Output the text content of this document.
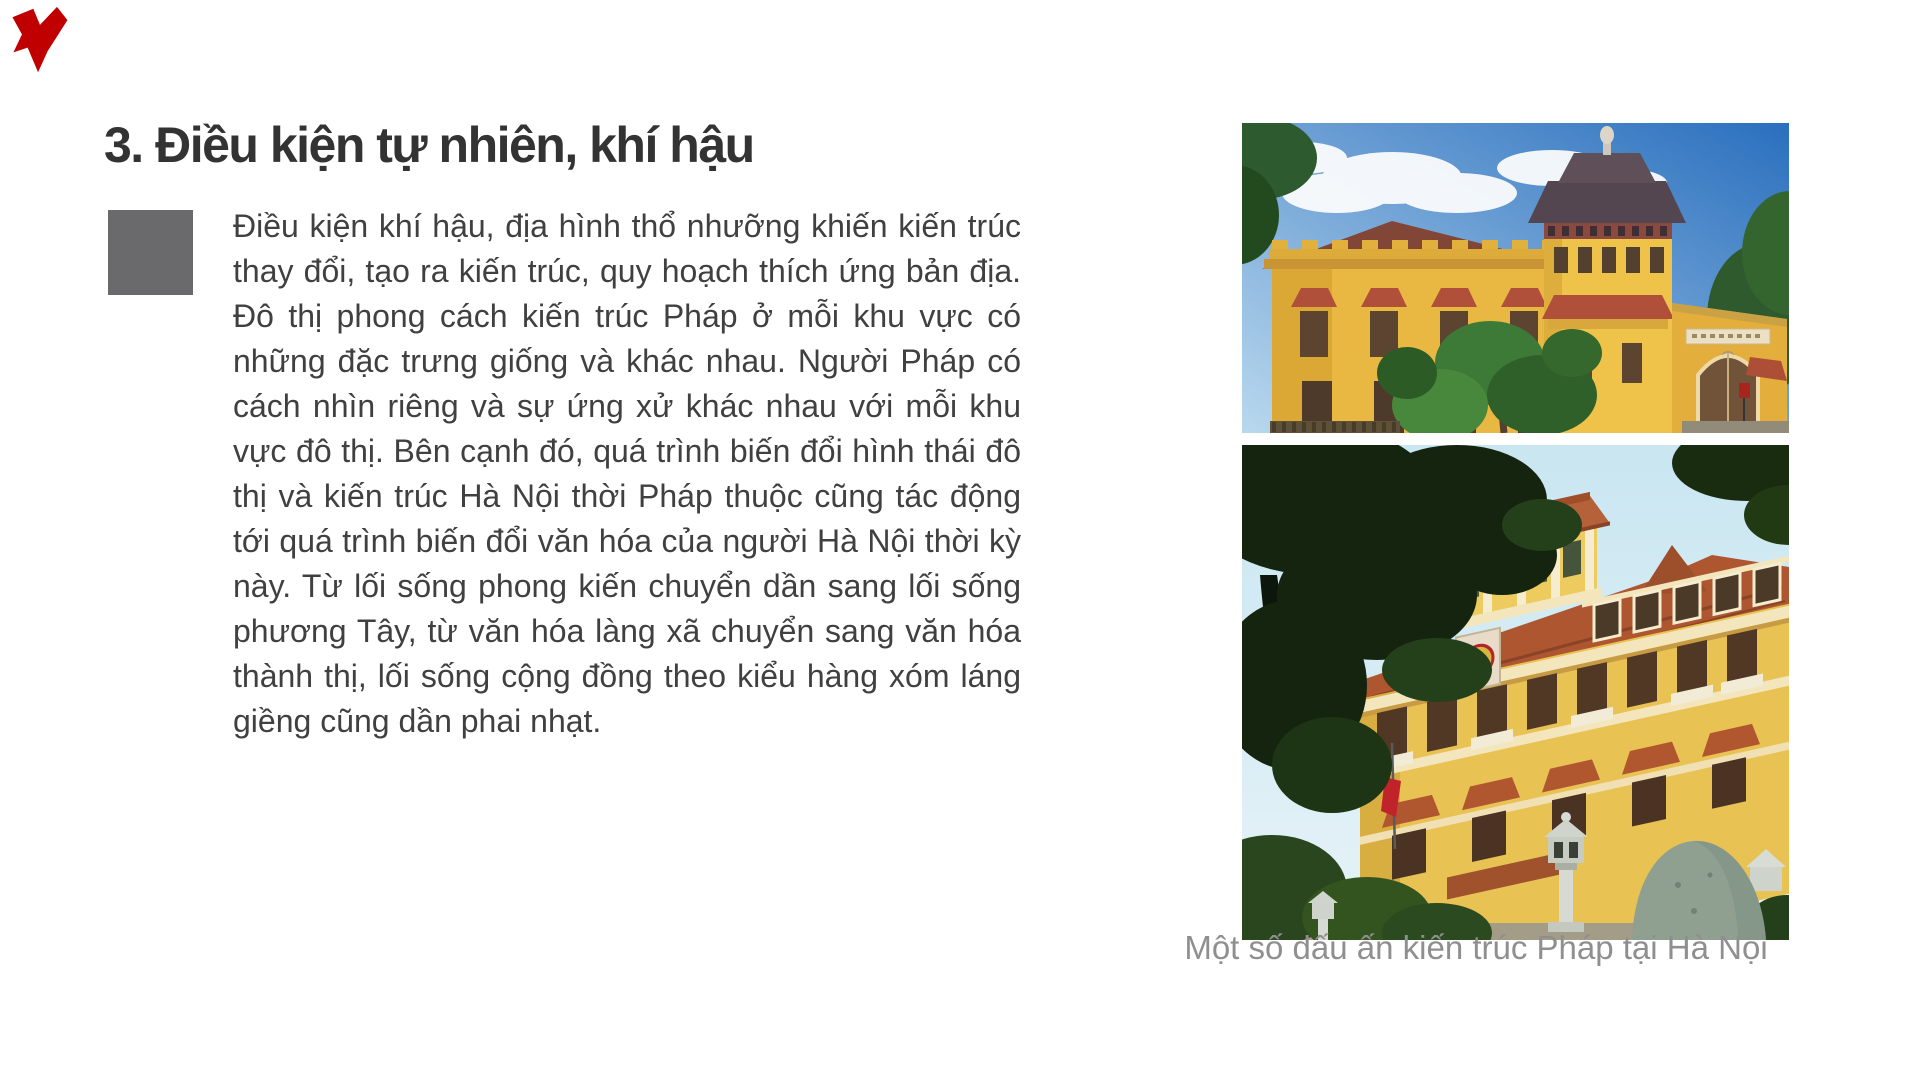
3. Điều kiện tự nhiên, khí hậu

Điều kiện khí hậu, địa hình thổ nhưỡng khiến kiến trúc thay đổi, tạo ra kiến trúc, quy hoạch thích ứng bản địa. Đô thị phong cách kiến trúc Pháp ở mỗi khu vực có những đặc trưng giống và khác nhau. Người Pháp có cách nhìn riêng và sự ứng xử khác nhau với mỗi khu vực đô thị. Bên cạnh đó, quá trình biến đổi hình thái đô thị và kiến trúc Hà Nội thời Pháp thuộc cũng tác động tới quá trình biến đổi văn hóa của người Hà Nội thời kỳ này. Từ lối sống phong kiến chuyển dần sang lối sống phương Tây, từ văn hóa làng xã chuyển sang văn hóa thành thị, lối sống cộng đồng theo kiểu hàng xóm láng giềng cũng dần phai nhạt.

Một số dấu ấn kiến trúc Pháp tại Hà Nội
